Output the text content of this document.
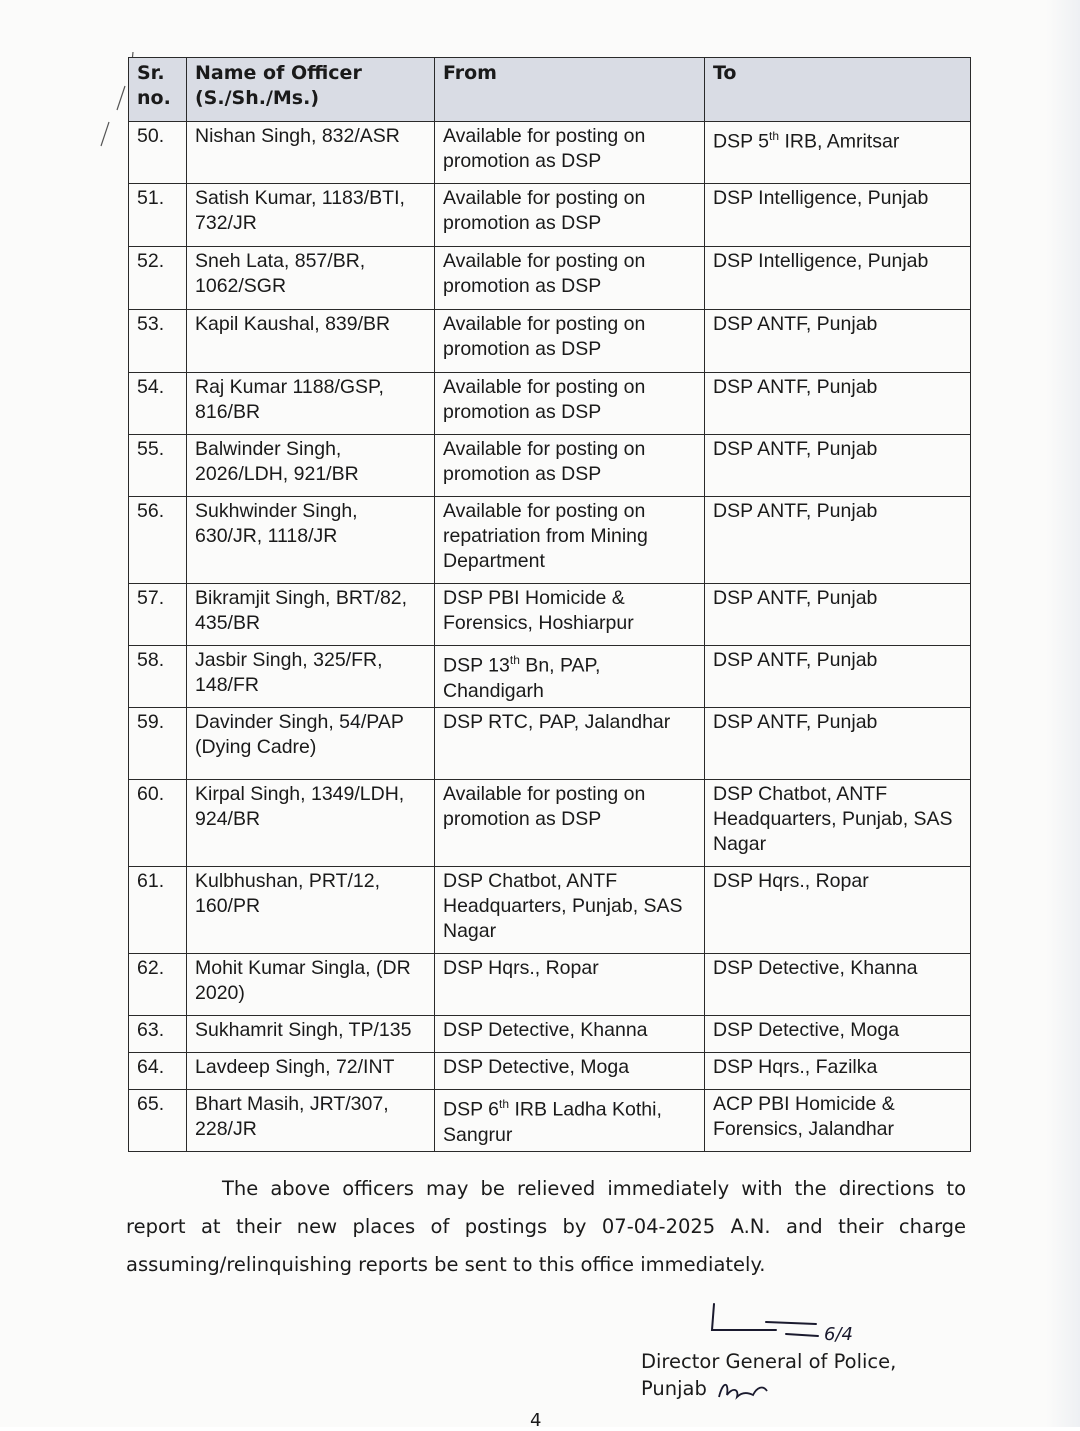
Sr. no.	Name of Officer (S./Sh./Ms.)	From	To
50.	Nishan Singh, 832/ASR	Available for posting on promotion as DSP	DSP 5th IRB, Amritsar
51.	Satish Kumar, 1183/BTI, 732/JR	Available for posting on promotion as DSP	DSP Intelligence, Punjab
52.	Sneh Lata, 857/BR, 1062/SGR	Available for posting on promotion as DSP	DSP Intelligence, Punjab
53.	Kapil Kaushal, 839/BR	Available for posting on promotion as DSP	DSP ANTF, Punjab
54.	Raj Kumar 1188/GSP, 816/BR	Available for posting on promotion as DSP	DSP ANTF, Punjab
55.	Balwinder Singh, 2026/LDH, 921/BR	Available for posting on promotion as DSP	DSP ANTF, Punjab
56.	Sukhwinder Singh, 630/JR, 1118/JR	Available for posting on repatriation from Mining Department	DSP ANTF, Punjab
57.	Bikramjit Singh, BRT/82, 435/BR	DSP PBI Homicide & Forensics, Hoshiarpur	DSP ANTF, Punjab
58.	Jasbir Singh, 325/FR, 148/FR	DSP 13th Bn, PAP, Chandigarh	DSP ANTF, Punjab
59.	Davinder Singh, 54/PAP (Dying Cadre)	DSP RTC, PAP, Jalandhar	DSP ANTF, Punjab
60.	Kirpal Singh, 1349/LDH, 924/BR	Available for posting on promotion as DSP	DSP Chatbot, ANTF Headquarters, Punjab, SAS Nagar
61.	Kulbhushan, PRT/12, 160/PR	DSP Chatbot, ANTF Headquarters, Punjab, SAS Nagar	DSP Hqrs., Ropar
62.	Mohit Kumar Singla, (DR 2020)	DSP Hqrs., Ropar	DSP Detective, Khanna
63.	Sukhamrit Singh, TP/135	DSP Detective, Khanna	DSP Detective, Moga
64.	Lavdeep Singh, 72/INT	DSP Detective, Moga	DSP Hqrs., Fazilka
65.	Bhart Masih, JRT/307, 228/JR	DSP 6th IRB Ladha Kothi, Sangrur	ACP PBI Homicide & Forensics, Jalandhar

The above officers may be relieved immediately with the directions to report at their new places of postings by 07-04-2025 A.N. and their charge assuming/relinquishing reports be sent to this office immediately.

6/4
Director General of Police,
Punjab
4
